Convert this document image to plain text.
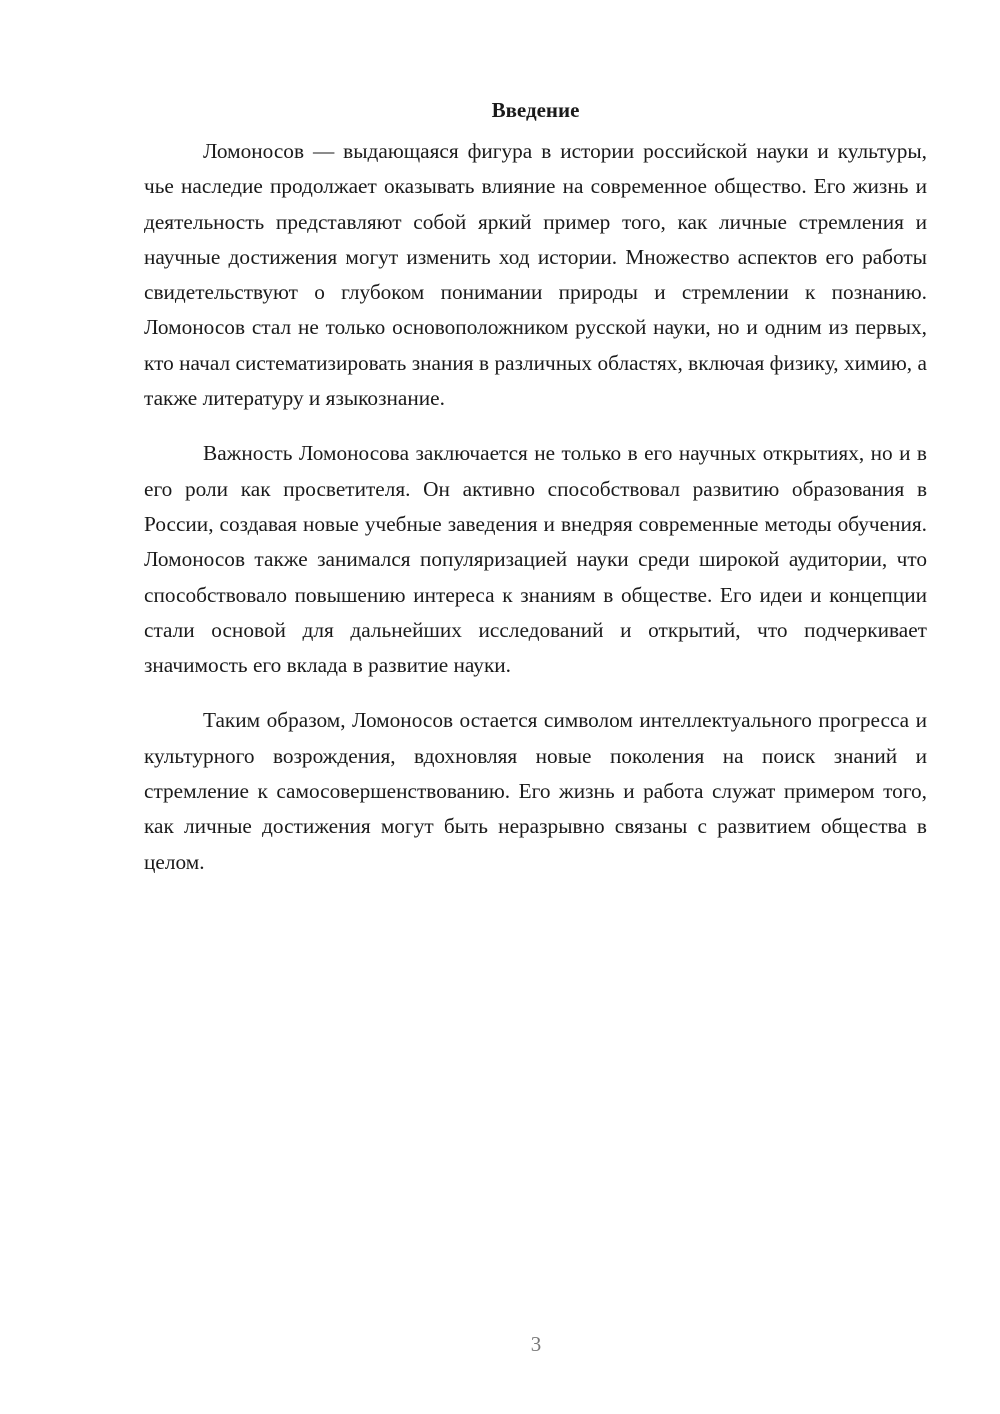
Введение

Ломоносов — выдающаяся фигура в истории российской науки и культуры, чье наследие продолжает оказывать влияние на современное общество. Его жизнь и деятельность представляют собой яркий пример того, как личные стремления и научные достижения могут изменить ход истории. Множество аспектов его работы свидетельствуют о глубоком понимании природы и стремлении к познанию. Ломоносов стал не только основоположником русской науки, но и одним из первых, кто начал систематизировать знания в различных областях, включая физику, химию, а также литературу и языкознание.

Важность Ломоносова заключается не только в его научных открытиях, но и в его роли как просветителя. Он активно способствовал развитию образования в России, создавая новые учебные заведения и внедряя современные методы обучения. Ломоносов также занимался популяризацией науки среди широкой аудитории, что способствовало повышению интереса к знаниям в обществе. Его идеи и концепции стали основой для дальнейших исследований и открытий, что подчеркивает значимость его вклада в развитие науки.

Таким образом, Ломоносов остается символом интеллектуального прогресса и культурного возрождения, вдохновляя новые поколения на поиск знаний и стремление к самосовершенствованию. Его жизнь и работа служат примером того, как личные достижения могут быть неразрывно связаны с развитием общества в целом.

3
